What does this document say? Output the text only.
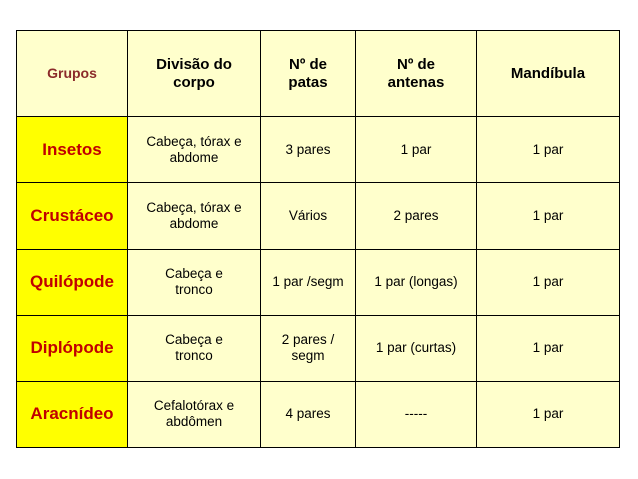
Grupos	Divisão do corpo	Nº de patas	Nº de antenas	Mandíbula
Insetos	Cabeça, tórax e abdome	3 pares	1 par	1 par
Crustáceo	Cabeça, tórax e abdome	Vários	2 pares	1 par
Quilópode	Cabeça e tronco	1 par /segm	1 par (longas)	1 par
Diplópode	Cabeça e tronco	2 pares / segm	1 par (curtas)	1 par
Aracnídeo	Cefalotórax e abdômen	4 pares	-----	1 par
